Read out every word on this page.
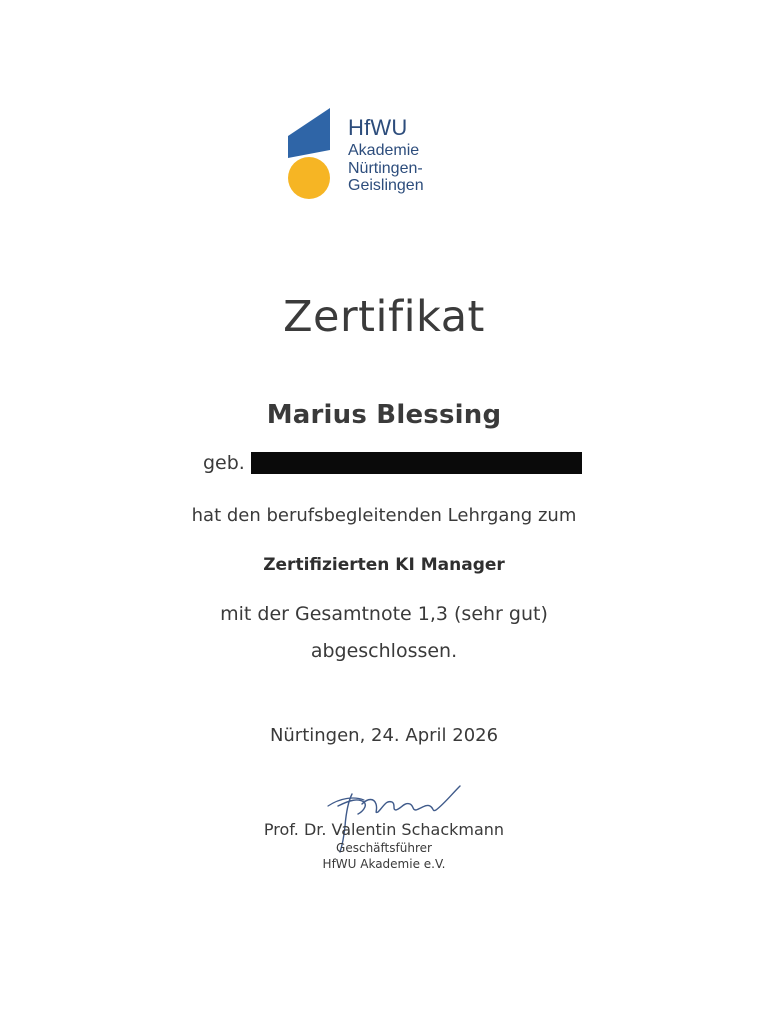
HfWU
Akademie
Nürtingen-Geislingen
Zertifikat
Marius Blessing
geb.
hat den berufsbegleitenden Lehrgang zum
Zertifizierten KI Manager
mit der Gesamtnote 1,3 (sehr gut)
abgeschlossen.
Nürtingen, 24. April 2026
Prof. Dr. Valentin Schackmann
Geschäftsführer
HfWU Akademie e.V.
